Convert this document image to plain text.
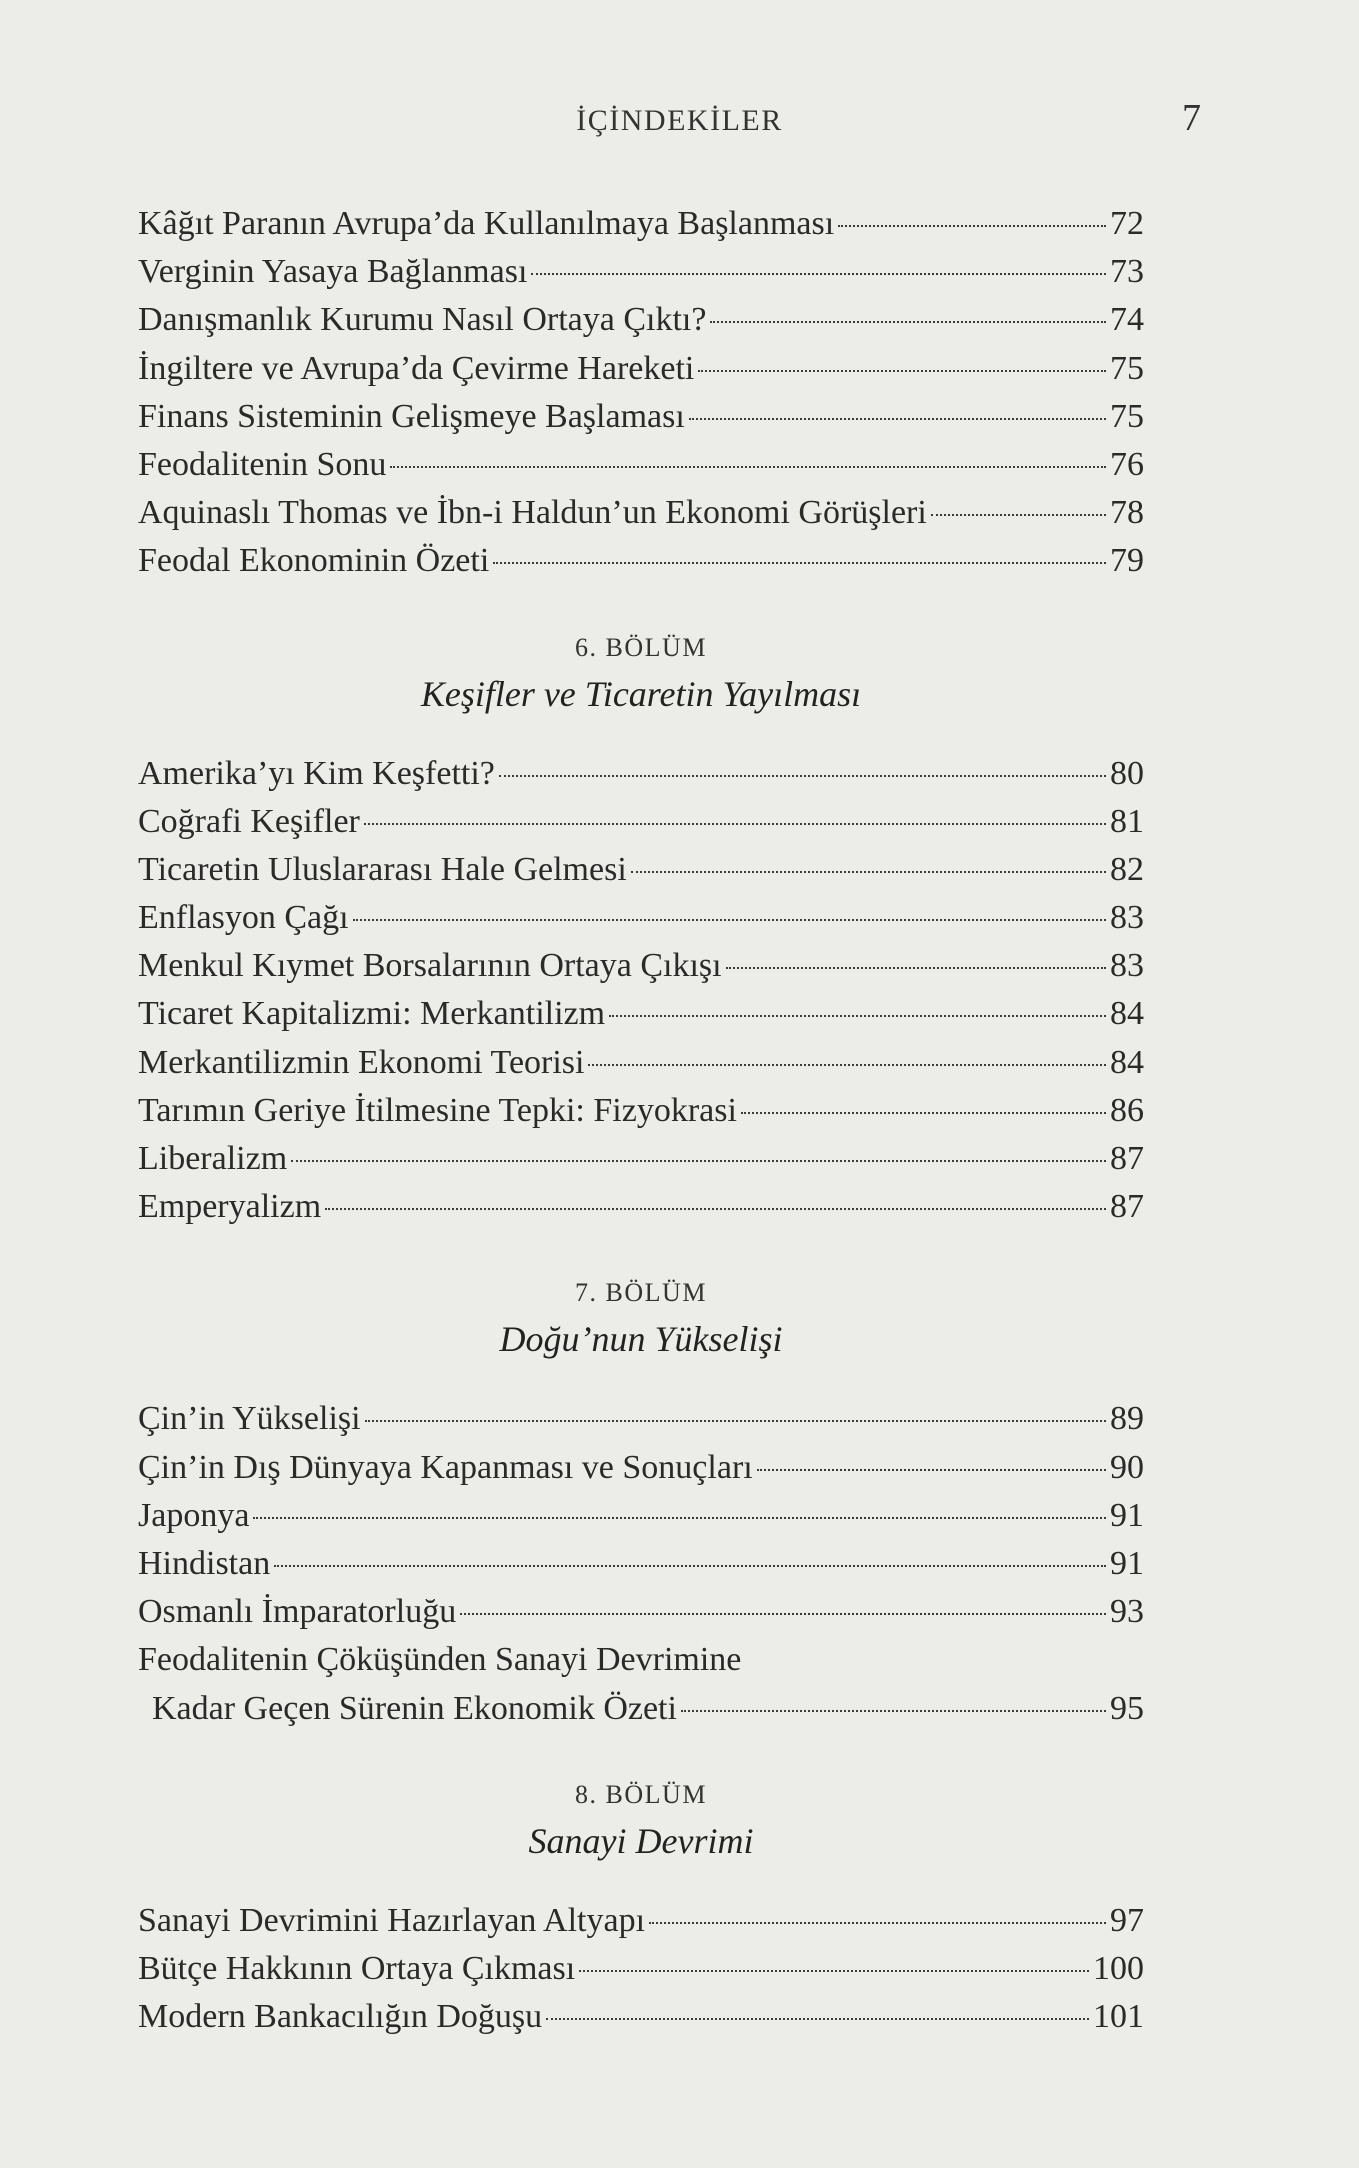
İÇİNDEKİLER	7
Kâğıt Paranın Avrupa’da Kullanılmaya Başlanması	72
Verginin Yasaya Bağlanması	73
Danışmanlık Kurumu Nasıl Ortaya Çıktı?	74
İngiltere ve Avrupa’da Çevirme Hareketi	75
Finans Sisteminin Gelişmeye Başlaması	75
Feodalitenin Sonu	76
Aquinaslı Thomas ve İbn-i Haldun’un Ekonomi Görüşleri	78
Feodal Ekonominin Özeti	79
6. BÖLÜM
Keşifler ve Ticaretin Yayılması
Amerika’yı Kim Keşfetti?	80
Coğrafi Keşifler	81
Ticaretin Uluslararası Hale Gelmesi	82
Enflasyon Çağı	83
Menkul Kıymet Borsalarının Ortaya Çıkışı	83
Ticaret Kapitalizmi: Merkantilizm	84
Merkantilizmin Ekonomi Teorisi	84
Tarımın Geriye İtilmesine Tepki: Fizyokrasi	86
Liberalizm	87
Emperyalizm	87
7. BÖLÜM
Doğu’nun Yükselişi
Çin’in Yükselişi	89
Çin’in Dış Dünyaya Kapanması ve Sonuçları	90
Japonya	91
Hindistan	91
Osmanlı İmparatorluğu	93
Feodalitenin Çöküşünden Sanayi Devrimine
Kadar Geçen Sürenin Ekonomik Özeti	95
8. BÖLÜM
Sanayi Devrimi
Sanayi Devrimini Hazırlayan Altyapı	97
Bütçe Hakkının Ortaya Çıkması	100
Modern Bankacılığın Doğuşu	101
